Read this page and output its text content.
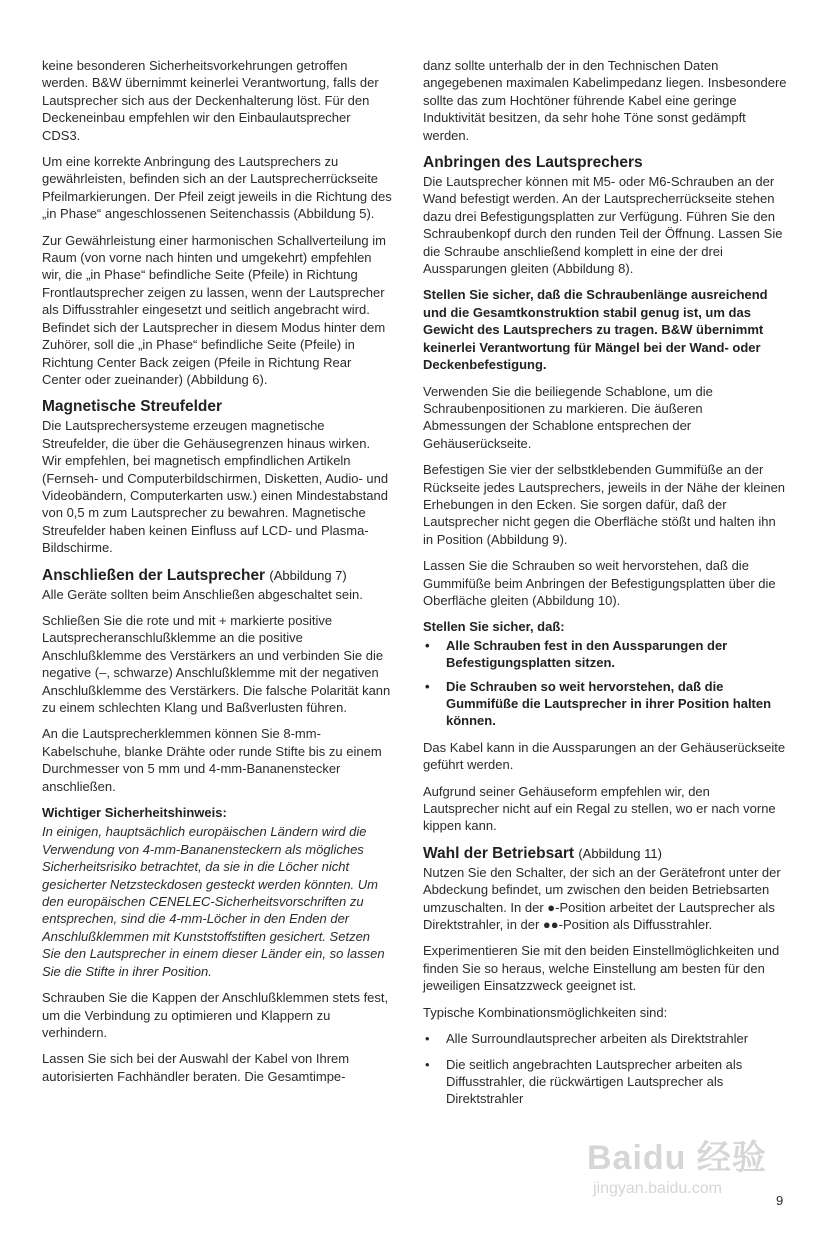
keine besonderen Sicherheitsvorkehrungen getroffen werden. B&W übernimmt keinerlei Verantwortung, falls der Lautsprecher sich aus der Deckenhalterung löst. Für den Deckeneinbau empfehlen wir den Einbaulautsprecher CDS3.

Um eine korrekte Anbringung des Lautsprechers zu gewährleisten, befinden sich an der Lautsprecherrückseite Pfeilmarkierungen. Der Pfeil zeigt jeweils in die Richtung des „in Phase“ angeschlossenen Seitenchassis (Abbildung 5).

Zur Gewährleistung einer harmonischen Schallverteilung im Raum (von vorne nach hinten und umgekehrt) empfehlen wir, die „in Phase“ befindliche Seite (Pfeile) in Richtung Frontlautsprecher zeigen zu lassen, wenn der Lautsprecher als Diffusstrahler eingesetzt und seitlich angebracht wird. Befindet sich der Lautsprecher in diesem Modus hinter dem Zuhörer, soll die „in Phase“ befindliche Seite (Pfeile) in Richtung Center Back zeigen (Pfeile in Richtung Rear Center oder zueinander) (Abbildung 6).

Magnetische Streufelder

Die Lautsprechersysteme erzeugen magnetische Streufelder, die über die Gehäusegrenzen hinaus wirken. Wir empfehlen, bei magnetisch empfindlichen Artikeln (Fernseh- und Computerbildschirmen, Disketten, Audio- und Videobändern, Computerkarten usw.) einen Mindestabstand von 0,5 m zum Lautsprecher zu bewahren. Magnetische Streufelder haben keinen Einfluss auf LCD- und Plasma-Bildschirme.

Anschließen der Lautsprecher (Abbildung 7)

Alle Geräte sollten beim Anschließen abgeschaltet sein.

Schließen Sie die rote und mit + markierte positive Lautsprecheranschlußklemme an die positive Anschlußklemme des Verstärkers an und verbinden Sie die negative (–, schwarze) Anschlußklemme mit der negativen Anschlußklemme des Verstärkers. Die falsche Polarität kann zu einem schlechten Klang und Baßverlusten führen.

An die Lautsprecherklemmen können Sie 8-mm-Kabelschuhe, blanke Drähte oder runde Stifte bis zu einem Durchmesser von 5 mm und 4-mm-Bananenstecker anschließen.

Wichtiger Sicherheitshinweis:

In einigen, hauptsächlich europäischen Ländern wird die Verwendung von 4-mm-Bananensteckern als mögliches Sicherheitsrisiko betrachtet, da sie in die Löcher nicht gesicherter Netzsteckdosen gesteckt werden könnten. Um den europäischen CENELEC-Sicherheitsvorschriften zu entsprechen, sind die 4-mm-Löcher in den Enden der Anschlußklemmen mit Kunststoffstiften gesichert. Setzen Sie den Lautsprecher in einem dieser Länder ein, so lassen Sie die Stifte in ihrer Position.

Schrauben Sie die Kappen der Anschlußklemmen stets fest, um die Verbindung zu optimieren und Klappern zu verhindern.

Lassen Sie sich bei der Auswahl der Kabel von Ihrem autorisierten Fachhändler beraten. Die Gesamtimpe-

danz sollte unterhalb der in den Technischen Daten angegebenen maximalen Kabelimpedanz liegen. Insbesondere sollte das zum Hochtöner führende Kabel eine geringe Induktivität besitzen, da sehr hohe Töne sonst gedämpft werden.

Anbringen des Lautsprechers

Die Lautsprecher können mit M5- oder M6-Schrauben an der Wand befestigt werden. An der Lautsprecherrückseite stehen dazu drei Befestigungsplatten zur Verfügung. Führen Sie den Schraubenkopf durch den runden Teil der Öffnung. Lassen Sie die Schraube anschließend komplett in eine der drei Aussparungen gleiten (Abbildung 8).

Stellen Sie sicher, daß die Schraubenlänge ausreichend und die Gesamtkonstruktion stabil genug ist, um das Gewicht des Lautsprechers zu tragen. B&W übernimmt keinerlei Verantwortung für Mängel bei der Wand- oder Deckenbefestigung.

Verwenden Sie die beiliegende Schablone, um die Schraubenpositionen zu markieren. Die äußeren Abmessungen der Schablone entsprechen der Gehäuserückseite.

Befestigen Sie vier der selbstklebenden Gummifüße an der Rückseite jedes Lautsprechers, jeweils in der Nähe der kleinen Erhebungen in den Ecken. Sie sorgen dafür, daß der Lautsprecher nicht gegen die Oberfläche stößt und halten ihn in Position (Abbildung 9).

Lassen Sie die Schrauben so weit hervorstehen, daß die Gummifüße beim Anbringen der Befestigungsplatten über die Oberfläche gleiten (Abbildung 10).

Stellen Sie sicher, daß:
• Alle Schrauben fest in den Aussparungen der Befestigungsplatten sitzen.
• Die Schrauben so weit hervorstehen, daß die Gummifüße die Lautsprecher in ihrer Position halten können.

Das Kabel kann in die Aussparungen an der Gehäuserückseite geführt werden.

Aufgrund seiner Gehäuseform empfehlen wir, den Lautsprecher nicht auf ein Regal zu stellen, wo er nach vorne kippen kann.

Wahl der Betriebsart (Abbildung 11)

Nutzen Sie den Schalter, der sich an der Gerätefront unter der Abdeckung befindet, um zwischen den beiden Betriebsarten umzuschalten. In der ●-Position arbeitet der Lautsprecher als Direktstrahler, in der ●●-Position als Diffusstrahler.

Experimentieren Sie mit den beiden Einstellmöglichkeiten und finden Sie so heraus, welche Einstellung am besten für den jeweiligen Einsatzzweck geeignet ist.

Typische Kombinationsmöglichkeiten sind:

• Alle Surroundlautsprecher arbeiten als Direktstrahler
• Die seitlich angebrachten Lautsprecher arbeiten als Diffusstrahler, die rückwärtigen Lautsprecher als Direktstrahler
9
Baidu 经验
jingyan.baidu.com
